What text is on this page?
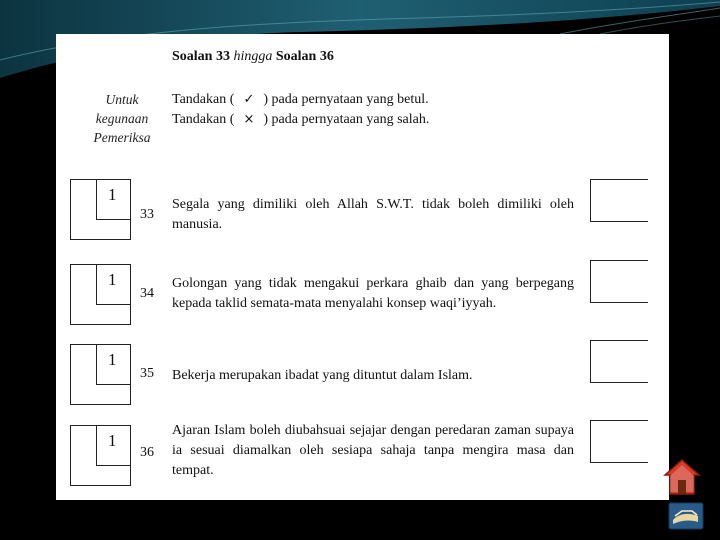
Soalan 33 hingga Soalan 36
Untuk
kegunaan
Pemeriksa
Tandakan ( ✓ ) pada pernyataan yang betul.
Tandakan ( × ) pada pernyataan yang salah.
1
33
Segala yang dimiliki oleh Allah S.W.T. tidak boleh dimiliki oleh manusia.
1
34
Golongan yang tidak mengakui perkara ghaib dan yang berpegang kepada taklid semata-mata menyalahi konsep waqi’iyyah.
1
35 Bekerja merupakan ibadat yang dituntut dalam Islam.
1
36
Ajaran Islam boleh diubahsuai sejajar dengan peredaran zaman supaya ia sesuai diamalkan oleh sesiapa sahaja tanpa mengira masa dan tempat.
